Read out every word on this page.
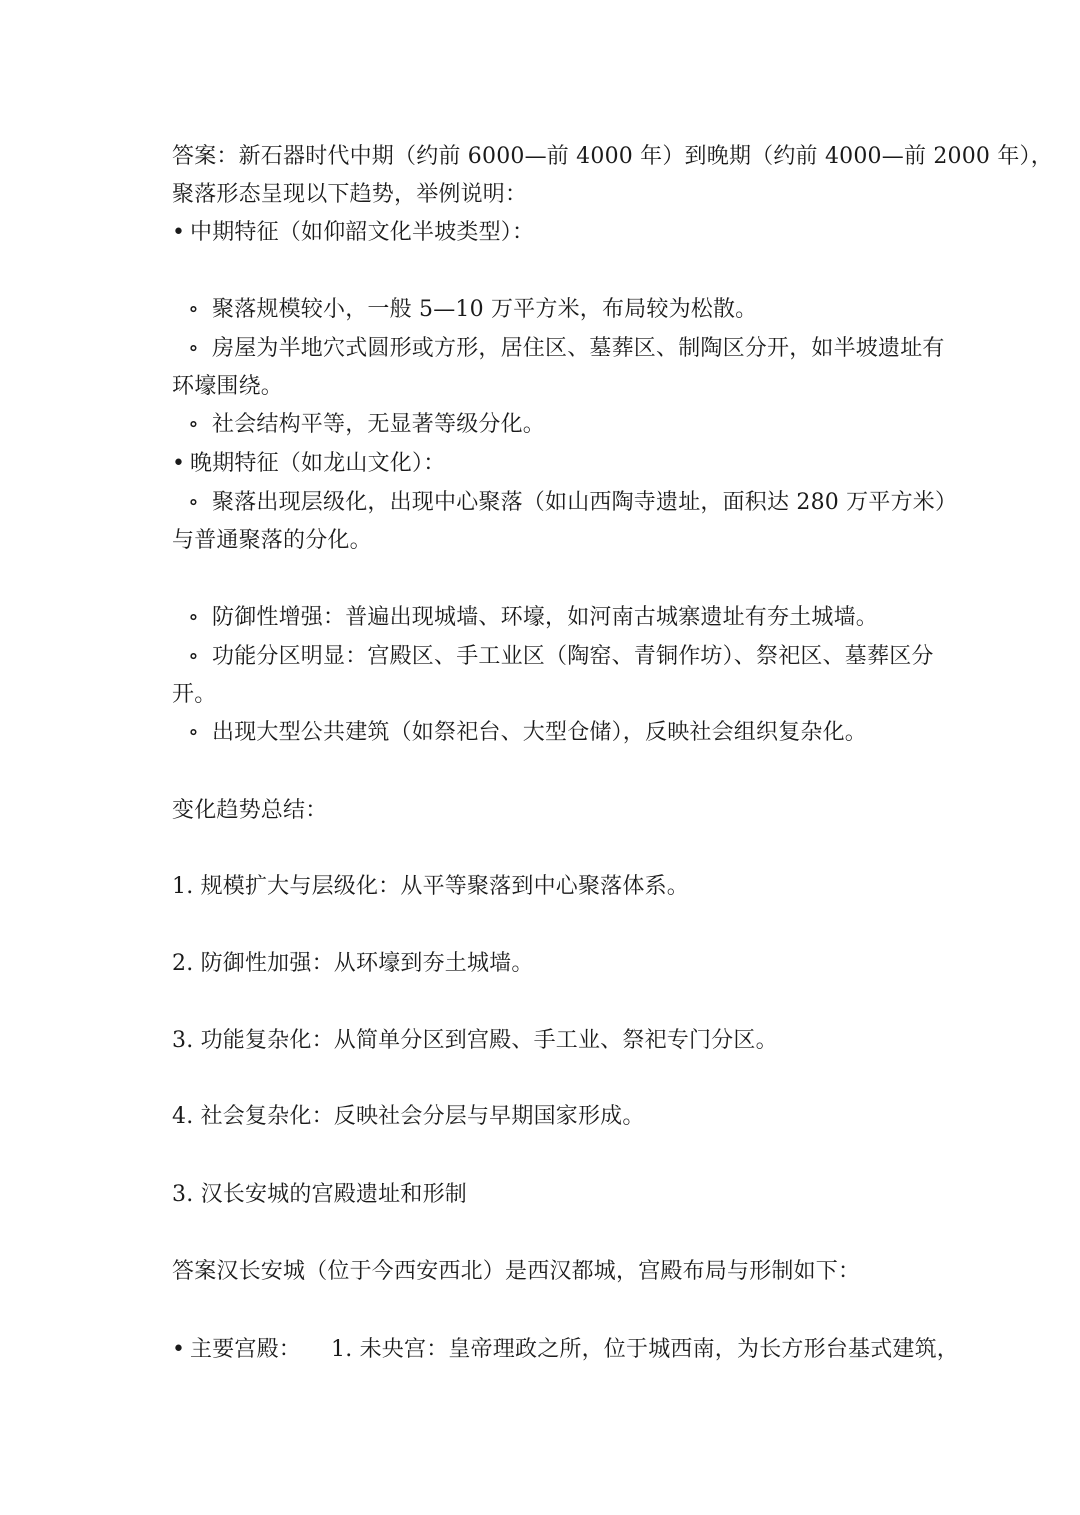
答案：新石器时代中期（约前 6000—前 4000 年）到晚期（约前 4000—前 2000 年），
聚落形态呈现以下趋势，举例说明：
• 中期特征（如仰韶文化半坡类型）：
∘ 聚落规模较小，一般 5—10 万平方米，布局较为松散。
∘ 房屋为半地穴式圆形或方形，居住区、墓葬区、制陶区分开，如半坡遗址有
环壕围绕。
∘ 社会结构平等，无显著等级分化。
• 晚期特征（如龙山文化）：
∘ 聚落出现层级化，出现中心聚落（如山西陶寺遗址，面积达 280 万平方米）
与普通聚落的分化。
∘ 防御性增强：普遍出现城墙、环壕，如河南古城寨遗址有夯土城墙。
∘ 功能分区明显：宫殿区、手工业区（陶窑、青铜作坊）、祭祀区、墓葬区分
开。
∘ 出现大型公共建筑（如祭祀台、大型仓储），反映社会组织复杂化。
变化趋势总结：
1. 规模扩大与层级化：从平等聚落到中心聚落体系。
2. 防御性加强：从环壕到夯土城墙。
3. 功能复杂化：从简单分区到宫殿、手工业、祭祀专门分区。
4. 社会复杂化：反映社会分层与早期国家形成。
3. 汉长安城的宫殿遗址和形制
答案汉长安城（位于今西安西北）是西汉都城，宫殿布局与形制如下：
• 主要宫殿： 1. 未央宫：皇帝理政之所，位于城西南，为长方形台基式建筑，
